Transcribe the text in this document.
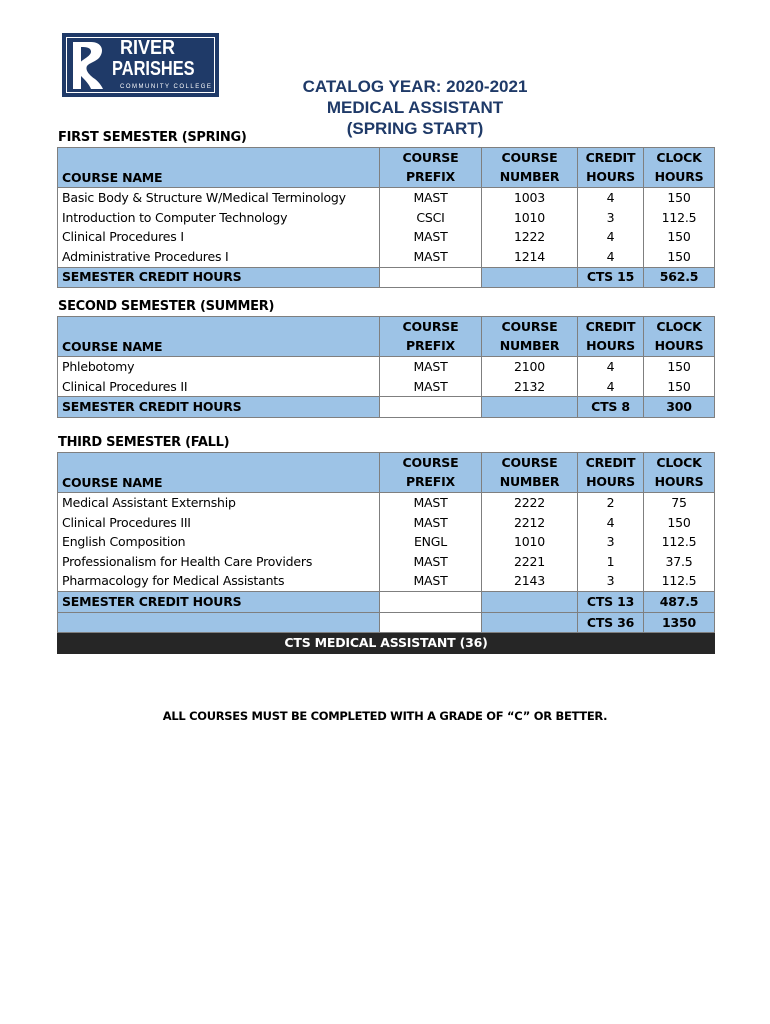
RIVER
PARISHES
COMMUNITY COLLEGE	CATALOG YEAR: 2020-2021
MEDICAL ASSISTANT
(SPRING START)
FIRST SEMESTER (SPRING)
	COURSE	COURSE	CREDIT	CLOCK
COURSE NAME	PREFIX	NUMBER	HOURS	HOURS
Basic Body & Structure W/Medical Terminology	MAST	1003	4	150
Introduction to Computer Technology	CSCI	1010	3	112.5
Clinical Procedures I	MAST	1222	4	150
Administrative Procedures I	MAST	1214	4	150
SEMESTER CREDIT HOURS			CTS 15	562.5
SECOND SEMESTER (SUMMER)
	COURSE	COURSE	CREDIT	CLOCK
COURSE NAME	PREFIX	NUMBER	HOURS	HOURS
Phlebotomy	MAST	2100	4	150
Clinical Procedures II	MAST	2132	4	150
SEMESTER CREDIT HOURS			CTS 8	300
THIRD SEMESTER (FALL)
	COURSE	COURSE	CREDIT	CLOCK
COURSE NAME	PREFIX	NUMBER	HOURS	HOURS
Medical Assistant Externship	MAST	2222	2	75
Clinical Procedures III	MAST	2212	4	150
English Composition	ENGL	1010	3	112.5
Professionalism for Health Care Providers	MAST	2221	1	37.5
Pharmacology for Medical Assistants	MAST	2143	3	112.5
SEMESTER CREDIT HOURS			CTS 13	487.5
			CTS 36	1350
CTS MEDICAL ASSISTANT (36)				
ALL COURSES MUST BE COMPLETED WITH A GRADE OF “C” OR BETTER.
